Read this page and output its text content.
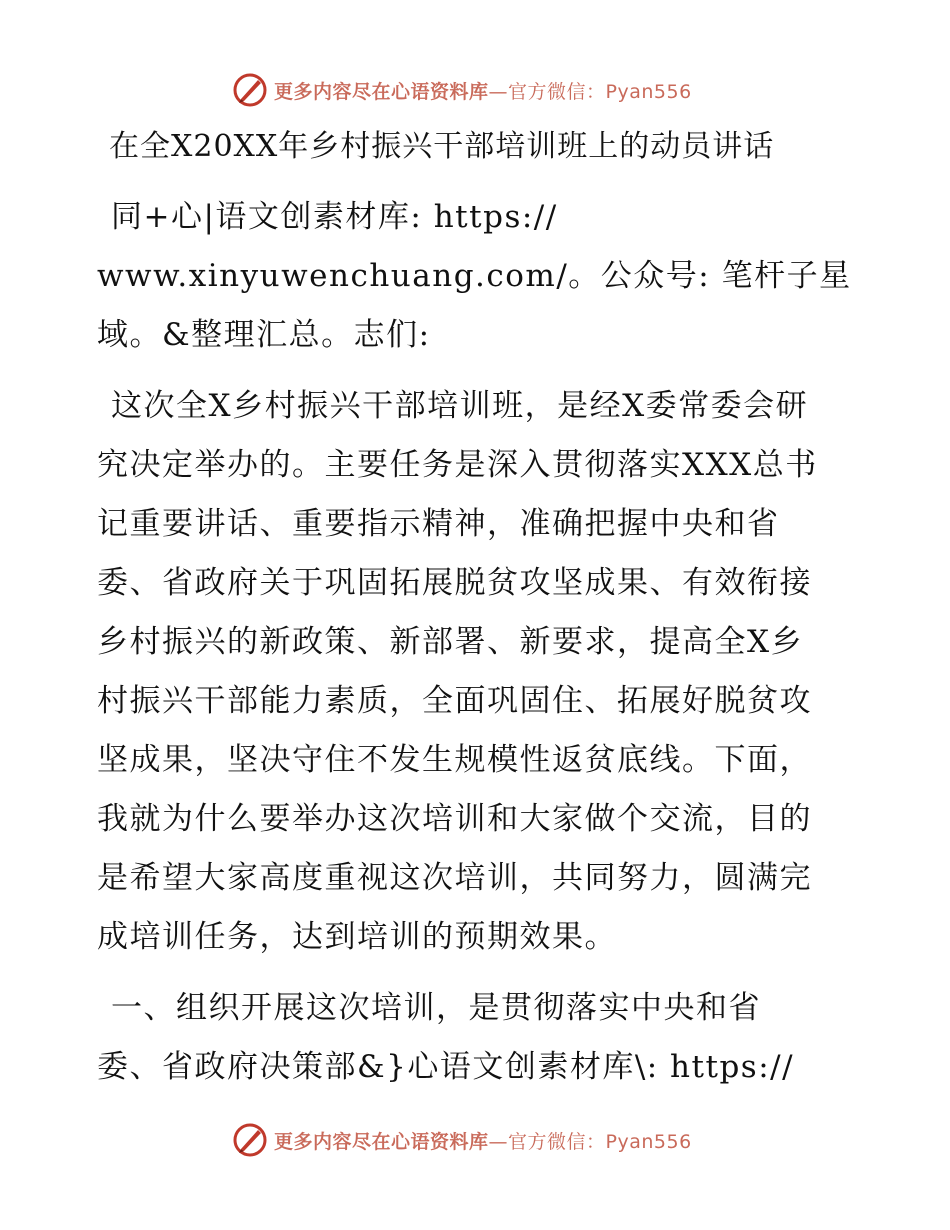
更多内容尽在心语资料库—官方微信：Pyan556
在全X20XX年乡村振兴干部培训班上的动员讲话
同+心|语文创素材库: https://
www.xinyuwenchuang.com/。公众号: 笔杆子星
域。&整理汇总。志们:
这次全X乡村振兴干部培训班，是经X委常委会研
究决定举办的。主要任务是深入贯彻落实XXX总书
记重要讲话、重要指示精神，准确把握中央和省
委、省政府关于巩固拓展脱贫攻坚成果、有效衔接
乡村振兴的新政策、新部署、新要求，提高全X乡
村振兴干部能力素质，全面巩固住、拓展好脱贫攻
坚成果，坚决守住不发生规模性返贫底线。下面，
我就为什么要举办这次培训和大家做个交流，目的
是希望大家高度重视这次培训，共同努力，圆满完
成培训任务，达到培训的预期效果。
一、组织开展这次培训，是贯彻落实中央和省
委、省政府决策部&}心语文创素材库\: https://
更多内容尽在心语资料库—官方微信：Pyan556
